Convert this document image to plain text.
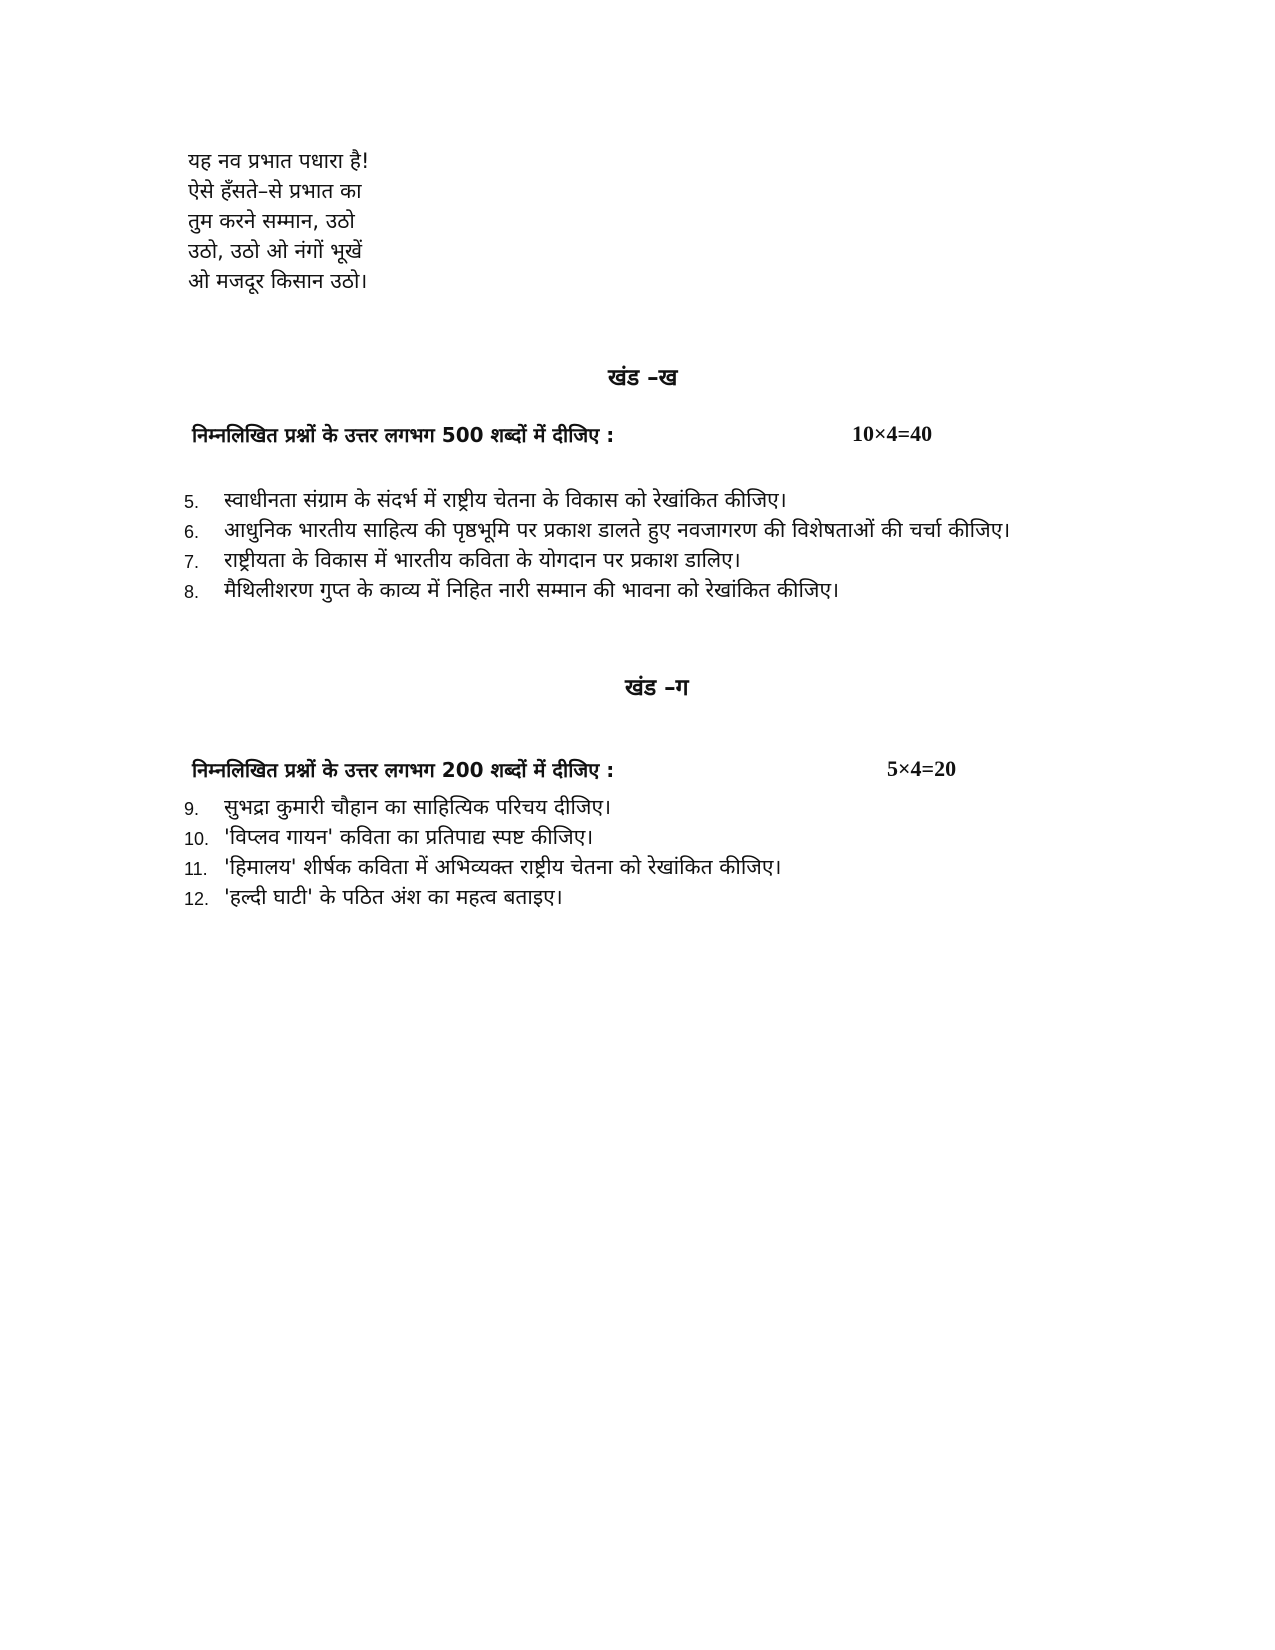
यह नव प्रभात पधारा है!
ऐसे हँसते–से प्रभात का
तुम करने सम्मान, उठो
उठो, उठो ओ नंगों भूखें
ओ मजदूर किसान उठो।
खंड –ख
निम्नलिखित प्रश्नों के उत्तर लगभग 500 शब्दों में दीजिए :	10×4=40
5. स्वाधीनता संग्राम के संदर्भ में राष्ट्रीय चेतना के विकास को रेखांकित कीजिए।
6. आधुनिक भारतीय साहित्य की पृष्ठभूमि पर प्रकाश डालते हुए नवजागरण की विशेषताओं की चर्चा कीजिए।
7. राष्ट्रीयता के विकास में भारतीय कविता के योगदान पर प्रकाश डालिए।
8. मैथिलीशरण गुप्त के काव्य में निहित नारी सम्मान की भावना को रेखांकित कीजिए।
खंड –ग
निम्नलिखित प्रश्नों के उत्तर लगभग 200 शब्दों में दीजिए :	5×4=20
9. सुभद्रा कुमारी चौहान का साहित्यिक परिचय दीजिए।
10. 'विप्लव गायन' कविता का प्रतिपाद्य स्पष्ट कीजिए।
11. 'हिमालय' शीर्षक कविता में अभिव्यक्त राष्ट्रीय चेतना को रेखांकित कीजिए।
12. 'हल्दी घाटी' के पठित अंश का महत्व बताइए।
